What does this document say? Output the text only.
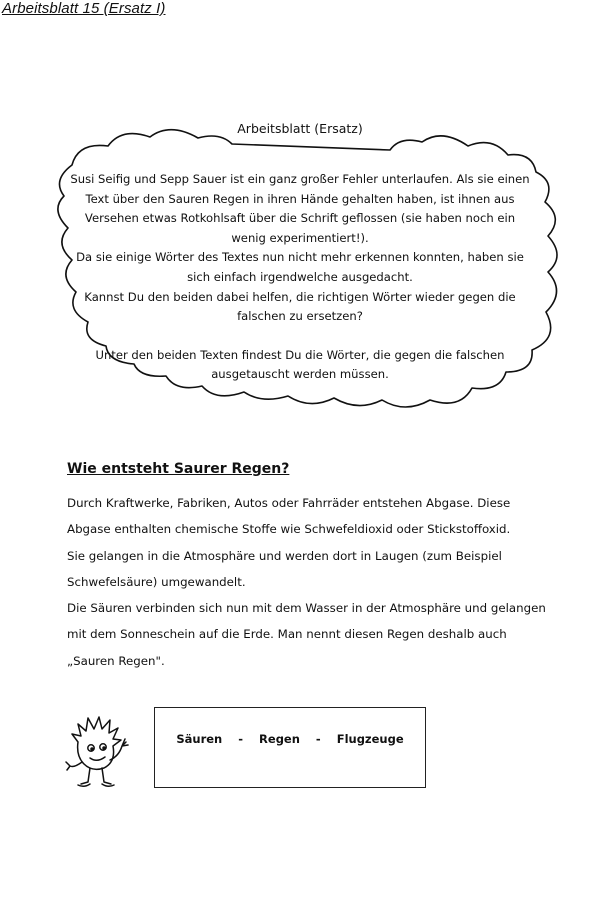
Arbeitsblatt 15 (Ersatz I)
Arbeitsblatt (Ersatz)

Susi Seifig und Sepp Sauer ist ein ganz großer Fehler unterlaufen. Als sie einen

Text über den Sauren Regen in ihren Hände gehalten haben, ist ihnen aus

Versehen etwas Rotkohlsaft über die Schrift geflossen (sie haben noch ein

wenig experimentiert!).

Da sie einige Wörter des Textes nun nicht mehr erkennen konnten, haben sie

sich einfach irgendwelche ausgedacht.

Kannst Du den beiden dabei helfen, die richtigen Wörter wieder gegen die

falschen zu ersetzen?

Unter den beiden Texten findest Du die Wörter, die gegen die falschen

ausgetauscht werden müssen.

Wie entsteht Saurer Regen?

Durch Kraftwerke, Fabriken, Autos oder Fahrräder entstehen Abgase. Diese

Abgase enthalten chemische Stoffe wie Schwefeldioxid oder Stickstoffoxid.

Sie gelangen in die Atmosphäre und werden dort in Laugen (zum Beispiel

Schwefelsäure) umgewandelt.

Die Säuren verbinden sich nun mit dem Wasser in der Atmosphäre und gelangen

mit dem Sonneschein auf die Erde. Man nennt diesen Regen deshalb auch

„Sauren Regen".

Säuren    -    Regen    -    Flugzeuge
